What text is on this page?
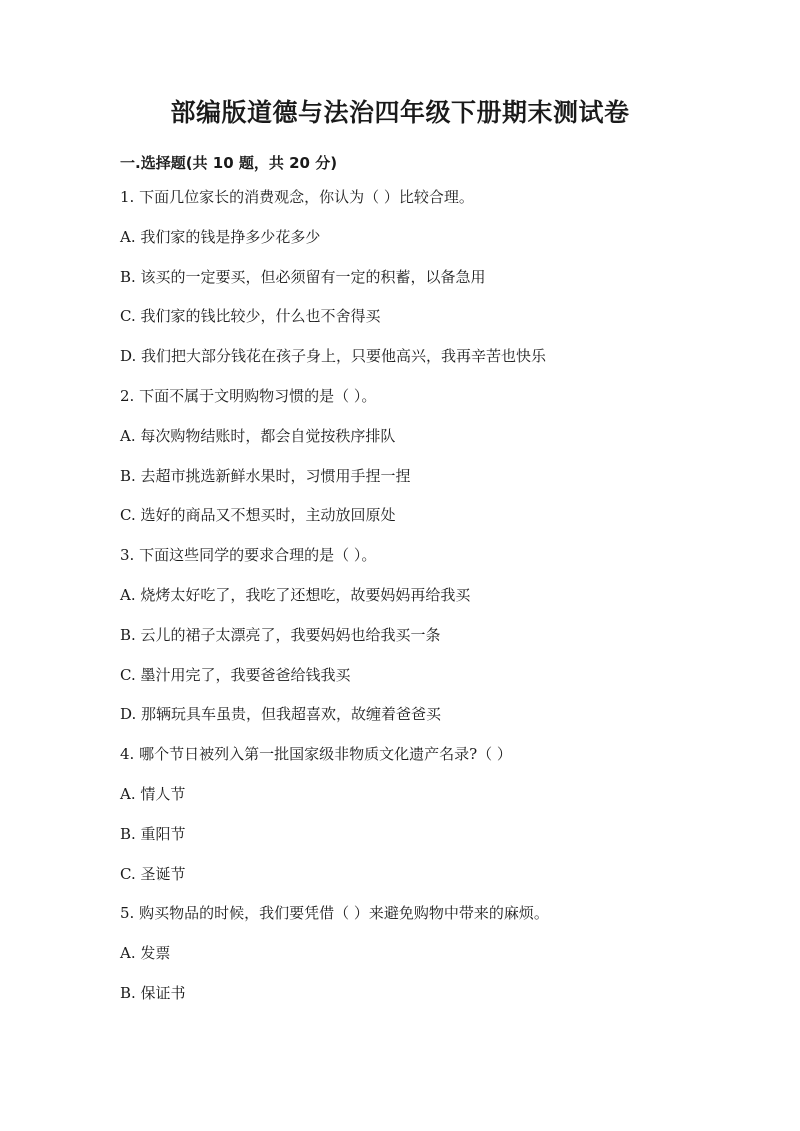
部编版道德与法治四年级下册期末测试卷
一.选择题(共 10 题，共 20 分)
1. 下面几位家长的消费观念，你认为（ ）比较合理。
A. 我们家的钱是挣多少花多少
B. 该买的一定要买，但必须留有一定的积蓄，以备急用
C. 我们家的钱比较少，什么也不舍得买
D. 我们把大部分钱花在孩子身上，只要他高兴，我再辛苦也快乐
2. 下面不属于文明购物习惯的是（ ）。
A. 每次购物结账时，都会自觉按秩序排队
B. 去超市挑选新鲜水果时，习惯用手捏一捏
C. 选好的商品又不想买时，主动放回原处
3. 下面这些同学的要求合理的是（ ）。
A. 烧烤太好吃了，我吃了还想吃，故要妈妈再给我买
B. 云儿的裙子太漂亮了，我要妈妈也给我买一条
C. 墨汁用完了，我要爸爸给钱我买
D. 那辆玩具车虽贵，但我超喜欢，故缠着爸爸买
4. 哪个节日被列入第一批国家级非物质文化遗产名录?（ ）
A. 情人节
B. 重阳节
C. 圣诞节
5. 购买物品的时候，我们要凭借（ ）来避免购物中带来的麻烦。
A. 发票
B. 保证书
